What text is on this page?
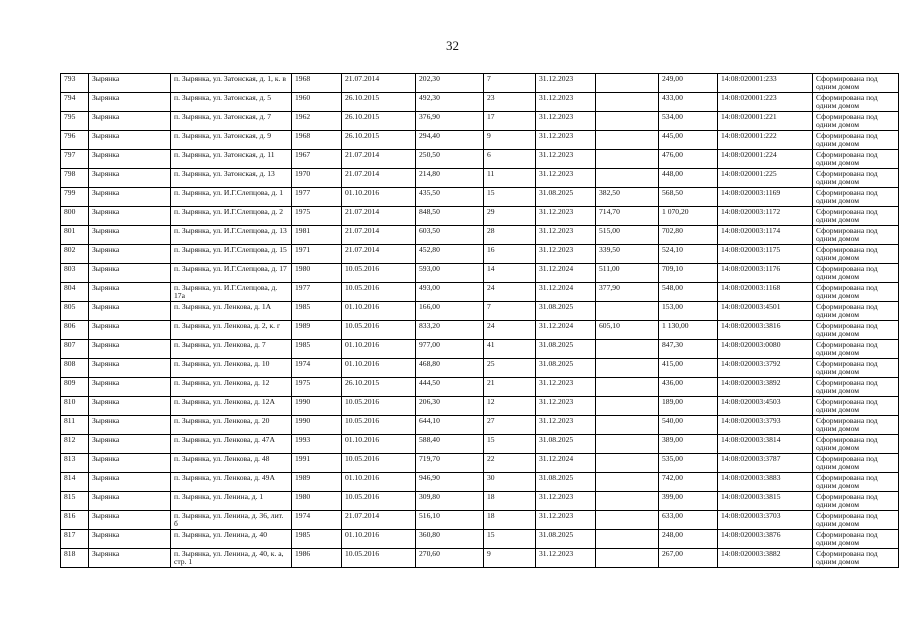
32
793	Зырянка	п. Зырянка, ул. Затонская, д. 1, к. в	1968	21.07.2014	202,30	7	31.12.2023		249,00	14:08:020001:233	Сформирована под одним домом
794	Зырянка	п. Зырянка, ул. Затонская, д. 5	1960	26.10.2015	492,30	23	31.12.2023		433,00	14:08:020001:223	Сформирована под одним домом
795	Зырянка	п. Зырянка, ул. Затонская, д. 7	1962	26.10.2015	376,90	17	31.12.2023		534,00	14:08:020001:221	Сформирована под одним домом
796	Зырянка	п. Зырянка, ул. Затонская, д. 9	1968	26.10.2015	294,40	9	31.12.2023		445,00	14:08:020001:222	Сформирована под одним домом
797	Зырянка	п. Зырянка, ул. Затонская, д. 11	1967	21.07.2014	250,50	6	31.12.2023		476,00	14:08:020001:224	Сформирована под одним домом
798	Зырянка	п. Зырянка, ул. Затонская, д. 13	1970	21.07.2014	214,80	11	31.12.2023		448,00	14:08:020001:225	Сформирована под одним домом
799	Зырянка	п. Зырянка, ул. И.Г.Слепцова, д. 1	1977	01.10.2016	435,50	15	31.08.2025	382,50	568,50	14:08:020003:1169	Сформирована под одним домом
800	Зырянка	п. Зырянка, ул. И.Г.Слепцова, д. 2	1975	21.07.2014	848,50	29	31.12.2023	714,70	1 070,20	14:08:020003:1172	Сформирована под одним домом
801	Зырянка	п. Зырянка, ул. И.Г.Слепцова, д. 13	1981	21.07.2014	603,50	28	31.12.2023	515,00	702,80	14:08:020003:1174	Сформирована под одним домом
802	Зырянка	п. Зырянка, ул. И.Г.Слепцова, д. 15	1971	21.07.2014	452,80	16	31.12.2023	339,50	524,10	14:08:020003:1175	Сформирована под одним домом
803	Зырянка	п. Зырянка, ул. И.Г.Слепцова, д. 17	1980	10.05.2016	593,00	14	31.12.2024	511,00	709,10	14:08:020003:1176	Сформирована под одним домом
804	Зырянка	п. Зырянка, ул. И.Г.Слепцова, д. 17а	1977	10.05.2016	493,00	24	31.12.2024	377,90	548,00	14:08:020003:1168	Сформирована под одним домом
805	Зырянка	п. Зырянка, ул. Ленкова, д. 1А	1985	01.10.2016	166,00	7	31.08.2025		153,00	14:08:020003:4501	Сформирована под одним домом
806	Зырянка	п. Зырянка, ул. Ленкова, д. 2, к. г	1989	10.05.2016	833,20	24	31.12.2024	605,10	1 130,00	14:08:020003:3816	Сформирована под одним домом
807	Зырянка	п. Зырянка, ул. Ленкова, д. 7	1985	01.10.2016	977,00	41	31.08.2025		847,30	14:08:020003:0080	Сформирована под одним домом
808	Зырянка	п. Зырянка, ул. Ленкова, д. 10	1974	01.10.2016	468,80	25	31.08.2025		415,00	14:08:020003:3792	Сформирована под одним домом
809	Зырянка	п. Зырянка, ул. Ленкова, д. 12	1975	26.10.2015	444,50	21	31.12.2023		436,00	14:08:020003:3892	Сформирована под одним домом
810	Зырянка	п. Зырянка, ул. Ленкова, д. 12А	1990	10.05.2016	206,30	12	31.12.2023		189,00	14:08:020003:4503	Сформирована под одним домом
811	Зырянка	п. Зырянка, ул. Ленкова, д. 20	1990	10.05.2016	644,10	27	31.12.2023		540,00	14:08:020003:3793	Сформирована под одним домом
812	Зырянка	п. Зырянка, ул. Ленкова, д. 47А	1993	01.10.2016	588,40	15	31.08.2025		389,00	14:08:020003:3814	Сформирована под одним домом
813	Зырянка	п. Зырянка, ул. Ленкова, д. 48	1991	10.05.2016	719,70	22	31.12.2024		535,00	14:08:020003:3787	Сформирована под одним домом
814	Зырянка	п. Зырянка, ул. Ленкова, д. 49А	1989	01.10.2016	946,90	30	31.08.2025		742,00	14:08:020003:3883	Сформирована под одним домом
815	Зырянка	п. Зырянка, ул. Ленина, д. 1	1980	10.05.2016	309,80	18	31.12.2023		399,00	14:08:020003:3815	Сформирована под одним домом
816	Зырянка	п. Зырянка, ул. Ленина, д. 36, лит. б	1974	21.07.2014	516,10	18	31.12.2023		633,00	14:08:020003:3703	Сформирована под одним домом
817	Зырянка	п. Зырянка, ул. Ленина, д. 40	1985	01.10.2016	360,80	15	31.08.2025		248,00	14:08:020003:3876	Сформирована под одним домом
818	Зырянка	п. Зырянка, ул. Ленина, д. 40, к. а, стр. 1	1986	10.05.2016	270,60	9	31.12.2023		267,00	14:08:020003:3882	Сформирована под одним домом
